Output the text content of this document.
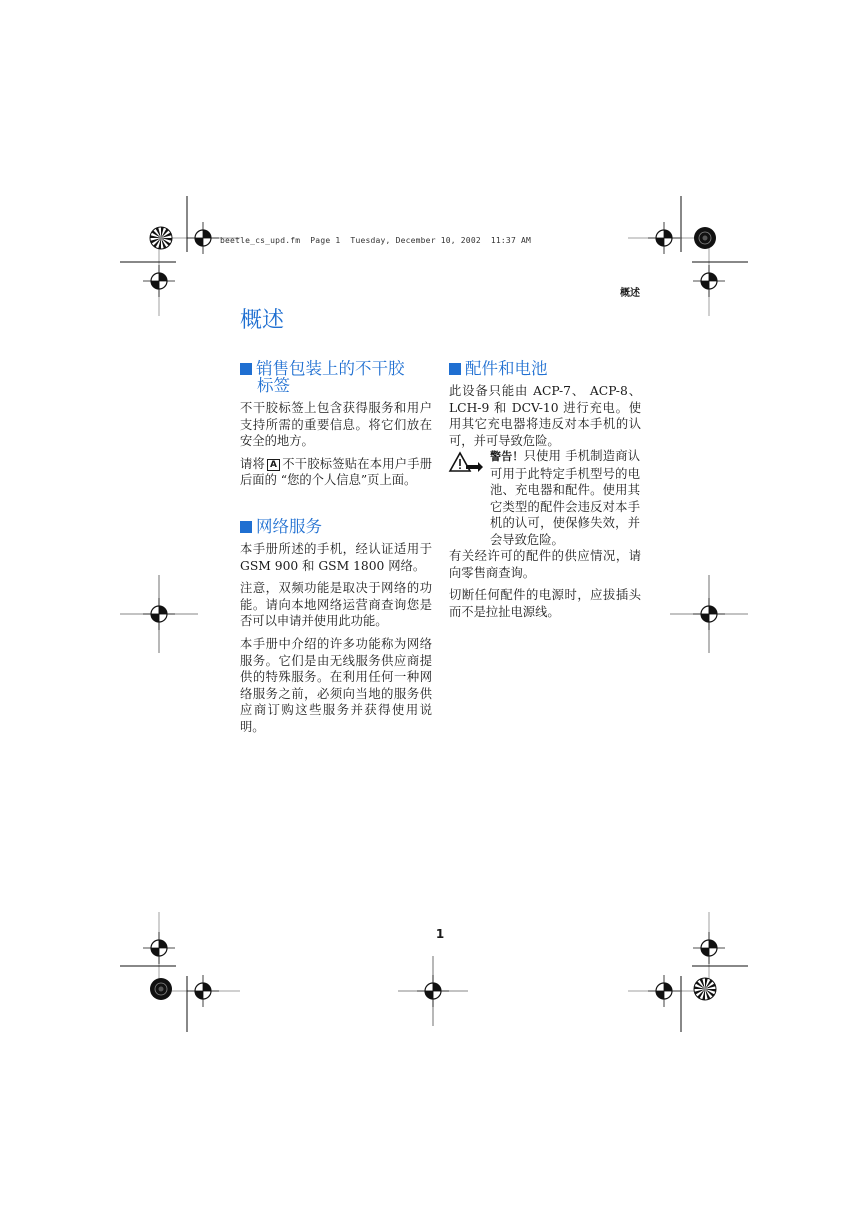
beetle_cs_upd.fm  Page 1  Tuesday, December 10, 2002  11:37 AM
概述
概述
销售包装上的不干胶
标签
不干胶标签上包含获得服务和用户支持所需的重要信息。将它们放在安全的地方。
请将 A 不干胶标签贴在本用户手册后面的 “您的个人信息”页上面。
网络服务
本手册所述的手机，经认证适用于 GSM 900 和 GSM 1800 网络。
注意，双频功能是取决于网络的功能。请向本地网络运营商查询您是否可以申请并使用此功能。
本手册中介绍的许多功能称为网络服务。它们是由无线服务供应商提供的特殊服务。在利用任何一种网络服务之前，必须向当地的服务供应商订购这些服务并获得使用说明。
配件和电池
此设备只能由 ACP-7、 ACP-8、 LCH-9 和 DCV-10 进行充电。使用其它充电器将违反对本手机的认可，并可导致危险。
警告！只使用 手机制造商认可用于此特定手机型号的电池、充电器和配件。使用其它类型的配件会违反对本手机的认可，使保修失效，并会导致危险。
有关经许可的配件的供应情况，请向零售商查询。
切断任何配件的电源时，应拔插头而不是拉扯电源线。
1
